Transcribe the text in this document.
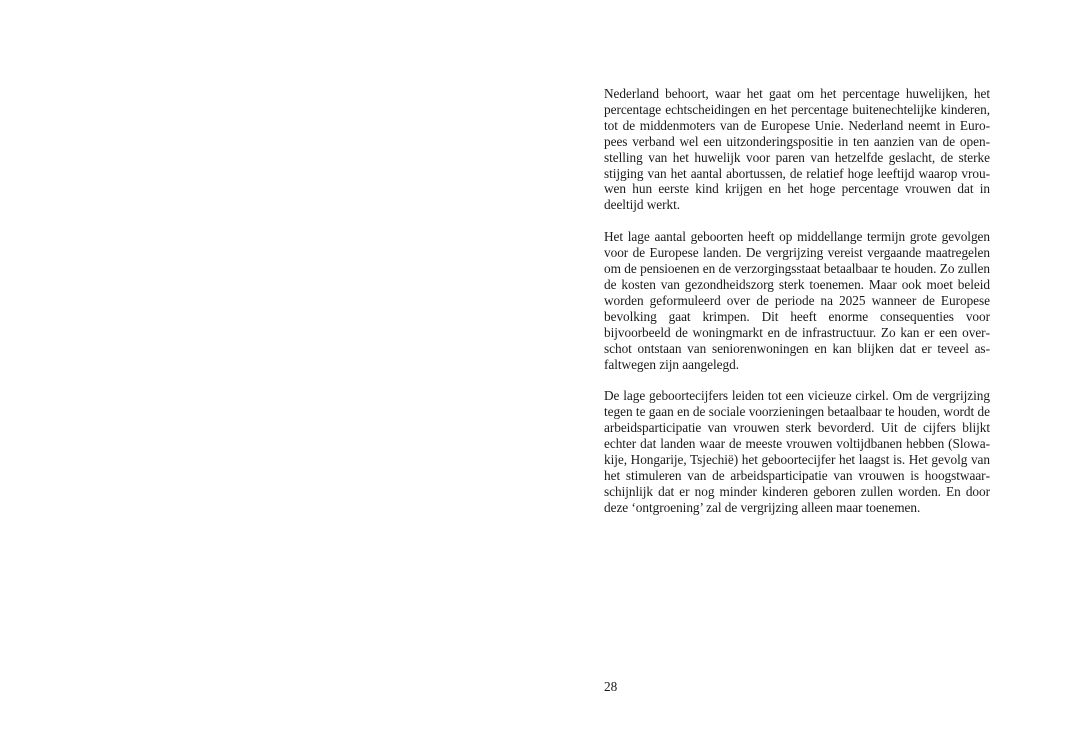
Nederland behoort, waar het gaat om het percentage huwelijken, het percentage echtscheidingen en het percentage buitenechtelijke kinderen, tot de middenmoters van de Europese Unie. Nederland neemt in Europees verband wel een uitzonderingspositie in ten aanzien van de openstelling van het huwelijk voor paren van hetzelfde geslacht, de sterke stijging van het aantal abortussen, de relatief hoge leeftijd waarop vrouwen hun eerste kind krijgen en het hoge percentage vrouwen dat in deeltijd werkt.

Het lage aantal geboorten heeft op middellange termijn grote gevolgen voor de Europese landen. De vergrijzing vereist vergaande maatregelen om de pensioenen en de verzorgingsstaat betaalbaar te houden. Zo zullen de kosten van gezondheidszorg sterk toenemen. Maar ook moet beleid worden geformuleerd over de periode na 2025 wanneer de Europese bevolking gaat krimpen. Dit heeft enorme consequenties voor bijvoorbeeld de woningmarkt en de infrastructuur. Zo kan er een overschot ontstaan van seniorenwoningen en kan blijken dat er teveel asfaltwegen zijn aangelegd.

De lage geboortecijfers leiden tot een vicieuze cirkel. Om de vergrijzing tegen te gaan en de sociale voorzieningen betaalbaar te houden, wordt de arbeidsparticipatie van vrouwen sterk bevorderd. Uit de cijfers blijkt echter dat landen waar de meeste vrouwen voltijdbanen hebben (Slowakije, Hongarije, Tsjechië) het geboortecijfer het laagst is. Het gevolg van het stimuleren van de arbeidsparticipatie van vrouwen is hoogstwaarschijnlijk dat er nog minder kinderen geboren zullen worden. En door deze ‘ontgroening’ zal de vergrijzing alleen maar toenemen.

28
